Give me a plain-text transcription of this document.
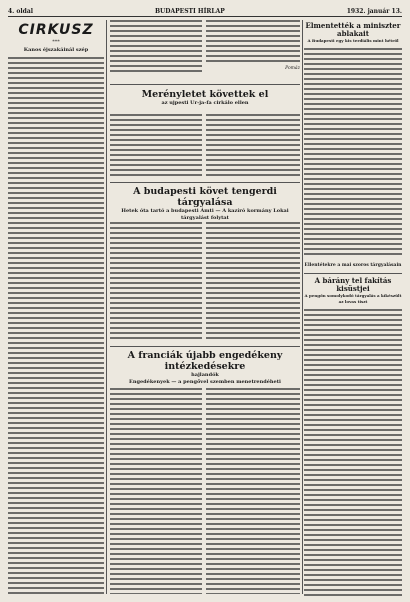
4. oldal	BUDAPESTI HÍRLAP	1932. január 13.
CIRKUSZ
***
Kanos éjszakáinál szép
Pomáz
Merényletet követtek el
az ujpesti Ur-ja-fa cirkálo ellen
A budapesti követ tengerdi tárgyalása
Hetek óta tartó a budapesti Ámti — A kazíró kormány Lokai
tárgyalást folytat
A franciák újabb engedékeny intézkedésekre
hajlandók
Engedékenyek — a pengővel szemben menetrendéheti
Elmentették a miniszter ablakait
A Budapesti egy kis terdiális mint hétről
Ellentétekre a mai szoros tárgyalásain
A bárány tel fakítás kisüstjei
A pengőn somolykodó tárgyalás a kíkészült az lovas tiszt
